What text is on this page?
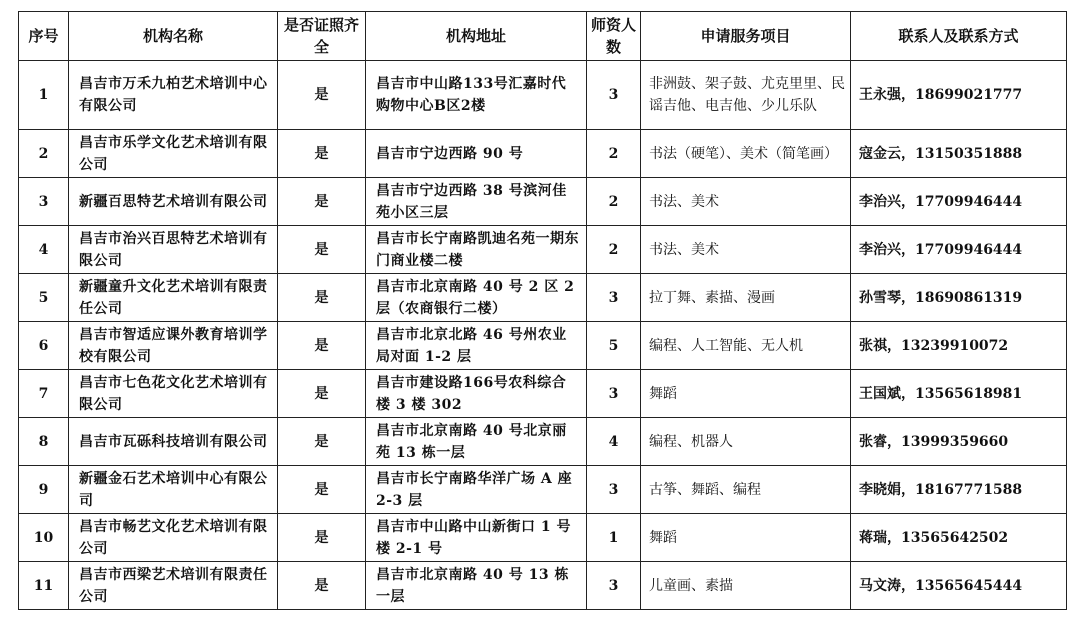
序号	机构名称	是否证照齐全	机构地址	师资人数	申请服务项目	联系人及联系方式
1	昌吉市万禾九柏艺术培训中心有限公司	是	昌吉市中山路133号汇嘉时代购物中心B区2楼	3	非洲鼓、架子鼓、尤克里里、民谣吉他、电吉他、少儿乐队	王永强，18699021777
2	昌吉市乐学文化艺术培训有限公司	是	昌吉市宁边西路 90 号	2	书法（硬笔）、美术（简笔画）	寇金云，13150351888
3	新疆百思特艺术培训有限公司	是	昌吉市宁边西路 38 号滨河佳苑小区三层	2	书法、美术	李治兴，17709946444
4	昌吉市治兴百思特艺术培训有限公司	是	昌吉市长宁南路凯迪名苑一期东门商业楼二楼	2	书法、美术	李治兴，17709946444
5	新疆童升文化艺术培训有限责任公司	是	昌吉市北京南路 40 号 2 区 2 层（农商银行二楼）	3	拉丁舞、素描、漫画	孙雪琴，18690861319
6	昌吉市智适应课外教育培训学校有限公司	是	昌吉市北京北路 46 号州农业局对面 1-2 层	5	编程、人工智能、无人机	张祺，13239910072
7	昌吉市七色花文化艺术培训有限公司	是	昌吉市建设路166号农科综合楼 3 楼 302	3	舞蹈	王国斌，13565618981
8	昌吉市瓦砾科技培训有限公司	是	昌吉市北京南路 40 号北京丽苑 13 栋一层	4	编程、机器人	张睿，13999359660
9	新疆金石艺术培训中心有限公司	是	昌吉市长宁南路华洋广场 A 座 2-3 层	3	古筝、舞蹈、编程	李晓娟，18167771588
10	昌吉市畅艺文化艺术培训有限公司	是	昌吉市中山路中山新街口 1 号楼 2-1 号	1	舞蹈	蒋瑞，13565642502
11	昌吉市西梁艺术培训有限责任公司	是	昌吉市北京南路 40 号 13 栋一层	3	儿童画、素描	马文涛，13565645444
